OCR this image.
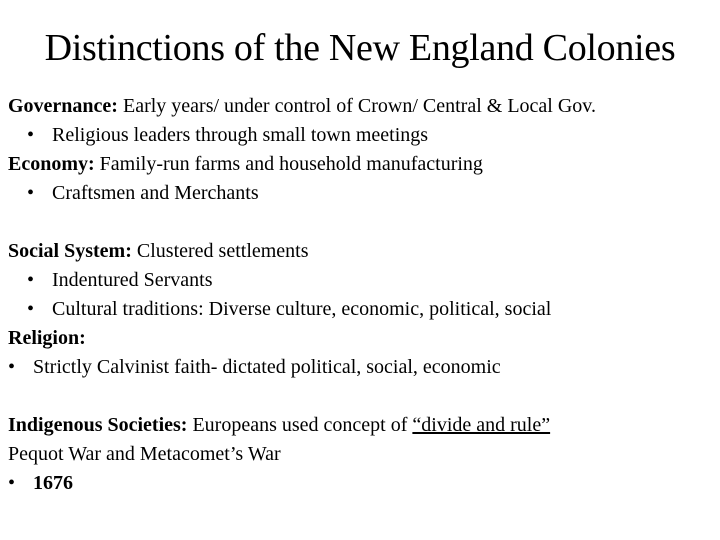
Distinctions of the New England Colonies
Governance: Early years/ under control of Crown/ Central & Local Gov.
• Religious leaders through small town meetings
Economy: Family-run farms and household manufacturing
• Craftsmen and Merchants
Social System: Clustered settlements
• Indentured Servants
• Cultural traditions: Diverse culture, economic, political, social
Religion:
• Strictly Calvinist faith- dictated political, social, economic
Indigenous Societies: Europeans used concept of “divide and rule”
Pequot War and Metacomet’s War
• 1676
